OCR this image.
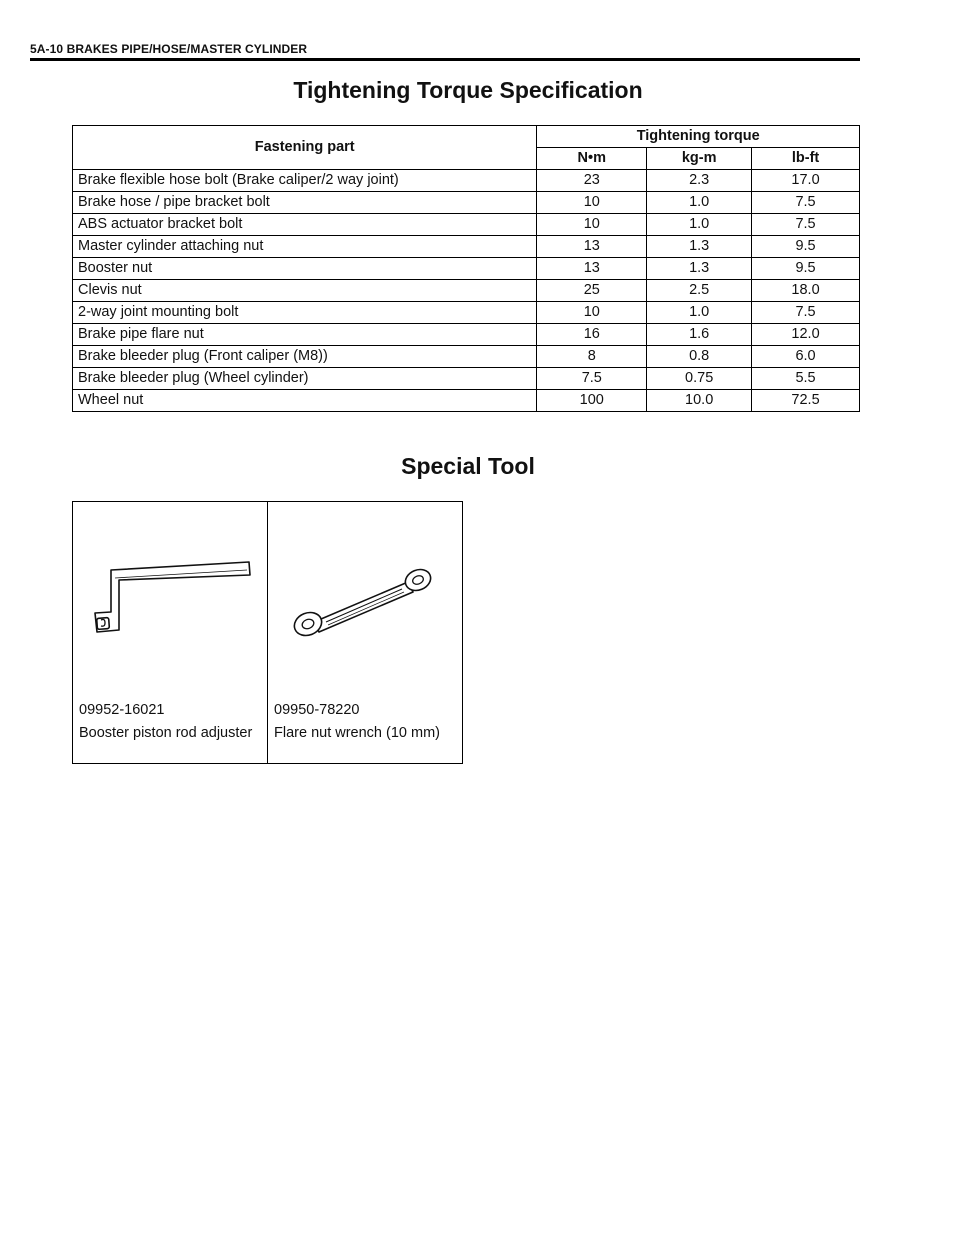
5A-10 BRAKES PIPE/HOSE/MASTER CYLINDER
Tightening Torque Specification
Fastening part	Tightening torque		
	N•m	kg-m	lb-ft
Brake flexible hose bolt (Brake caliper/2 way joint)	23	2.3	17.0
Brake hose / pipe bracket bolt	10	1.0	7.5
ABS actuator bracket bolt	10	1.0	7.5
Master cylinder attaching nut	13	1.3	9.5
Booster nut	13	1.3	9.5
Clevis nut	25	2.5	18.0
2-way joint mounting bolt	10	1.0	7.5
Brake pipe flare nut	16	1.6	12.0
Brake bleeder plug (Front caliper (M8))	8	0.8	6.0
Brake bleeder plug (Wheel cylinder)	7.5	0.75	5.5
Wheel nut	100	10.0	72.5
Special Tool
09952-16021
Booster piston rod adjuster
09950-78220
Flare nut wrench (10 mm)
